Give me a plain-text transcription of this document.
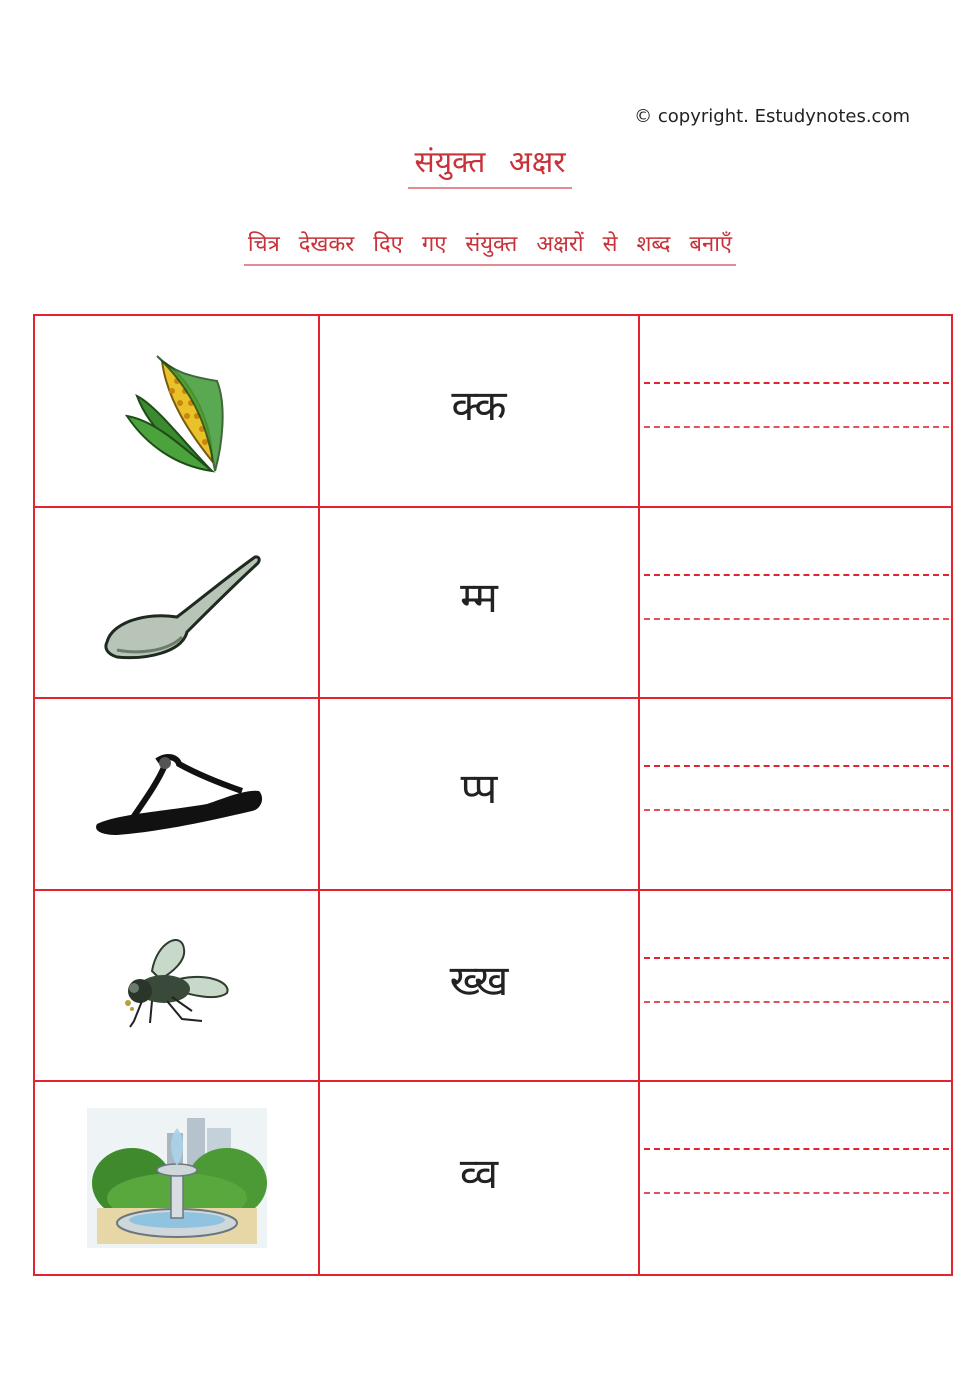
© copyright. Estudynotes.com
संयुक्त अक्षर
चित्र देखकर दिए गए संयुक्त अक्षरों से शब्द बनाएँ
क्क
म्म
प्प
ख्ख
व्व
